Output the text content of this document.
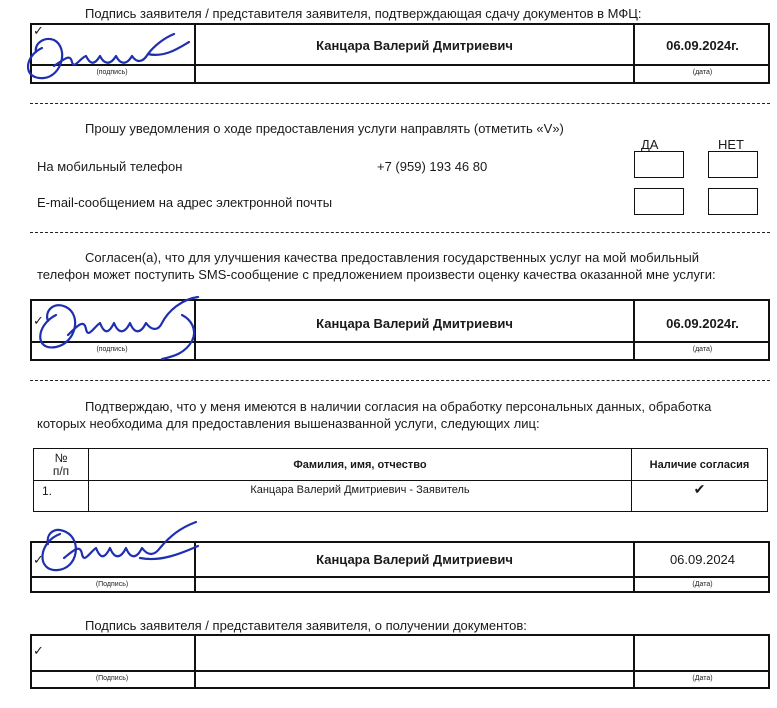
Подпись заявителя / представителя заявителя, подтверждающая сдачу документов в МФЦ:
✓
Канцара Валерий Дмитриевич	06.09.2024г.
(подпись)	(дата)
Прошу уведомления о ходе предоставления услуги направлять (отметить «V»)
ДА	НЕТ
На мобильный телефон	+7 (959) 193 46 80
E-mail-сообщением на адрес электронной почты
Согласен(а), что для улучшения качества предоставления государственных услуг на мой мобильный
телефон может поступить SMS-сообщение с предложением произвести оценку качества оказанной мне услуги:
✓	Канцара Валерий Дмитриевич	06.09.2024г.
(подпись)	(дата)
Подтверждаю, что у меня имеются в наличии согласия на обработку персональных данных, обработка
которых необходима для предоставления вышеназванной услуги, следующих лиц:
№
п/п	Фамилия, имя, отчество	Наличие согласия
1.	Канцара Валерий Дмитриевич - Заявитель	✔
✓	Канцара Валерий Дмитриевич	06.09.2024
(Подпись)	(Дата)
Подпись заявителя / представителя заявителя, о получении документов:
✓
(Подпись)	(Дата)
